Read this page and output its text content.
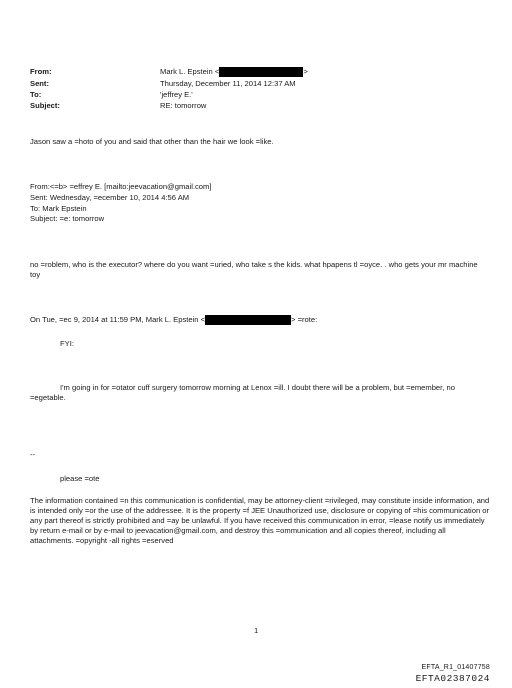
From:	Mark L. Epstein <	>
Sent:	Thursday, December 11, 2014 12:37 AM
To:	'jeffrey E.'
Subject:	RE: tomorrow
Jason saw a =hoto of you and said that other than the hair we look =like.
From:<=b> =effrey E. [mailto:jeevacation@gmail.com]
Sent: Wednesday, =ecember 10, 2014 4:56 AM
To: Mark Epstein
Subject: =e: tomorrow
no =roblem, who is the executor? where do you want =uried, who take s the kids. what hpapens tl =oyce. . who gets your mr machine toy
On Tue, =ec 9, 2014 at 11:59 PM, Mark L. Epstein <	> =rote:
FYI:
I'm going in for =otator cuff surgery tomorrow morning at Lenox =ill. I doubt there will be a problem, but =emember, no =egetable.
--
please =ote
The information contained =n this communication is confidential, may be attorney-client =rivileged, may constitute inside information, and is intended only =or the use of the addressee. It is the property =f JEE Unauthorized use, disclosure or copying of =his communication or any part thereof is strictly prohibited and =ay be unlawful. If you have received this communication in error, =lease notify us immediately by return e-mail or by e-mail to jeevacation@gmail.com, and destroy this =ommunication and all copies thereof, including all attachments. =opyright -all rights =eserved
1
EFTA_R1_01407758
EFTA02387024
